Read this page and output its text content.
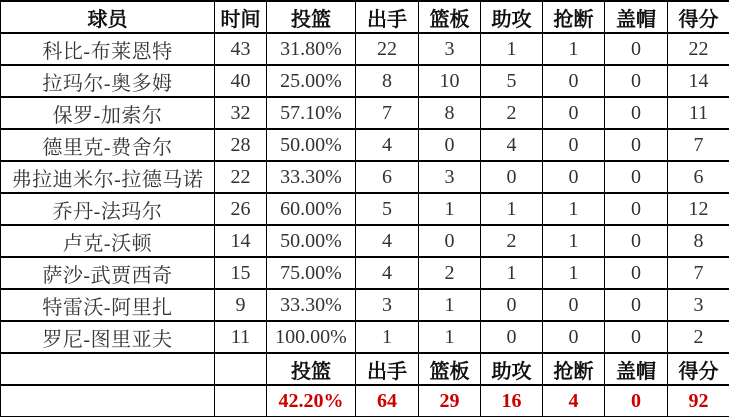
球员	时间	投篮	出手	篮板	助攻	抢断	盖帽	得分
科比-布莱恩特	43	31.80%	22	3	1	1	0	22
拉玛尔-奥多姆	40	25.00%	8	10	5	0	0	14
保罗-加索尔	32	57.10%	7	8	2	0	0	11
德里克-费舍尔	28	50.00%	4	0	4	0	0	7
弗拉迪米尔-拉德马诺	22	33.30%	6	3	0	0	0	6
乔丹-法玛尔	26	60.00%	5	1	1	1	0	12
卢克-沃顿	14	50.00%	4	0	2	1	0	8
萨沙-武贾西奇	15	75.00%	4	2	1	1	0	7
特雷沃-阿里扎	9	33.30%	3	1	0	0	0	3
罗尼-图里亚夫	11	100.00%	1	1	0	0	0	2
		投篮	出手	篮板	助攻	抢断	盖帽	得分
		42.20%	64	29	16	4	0	92
